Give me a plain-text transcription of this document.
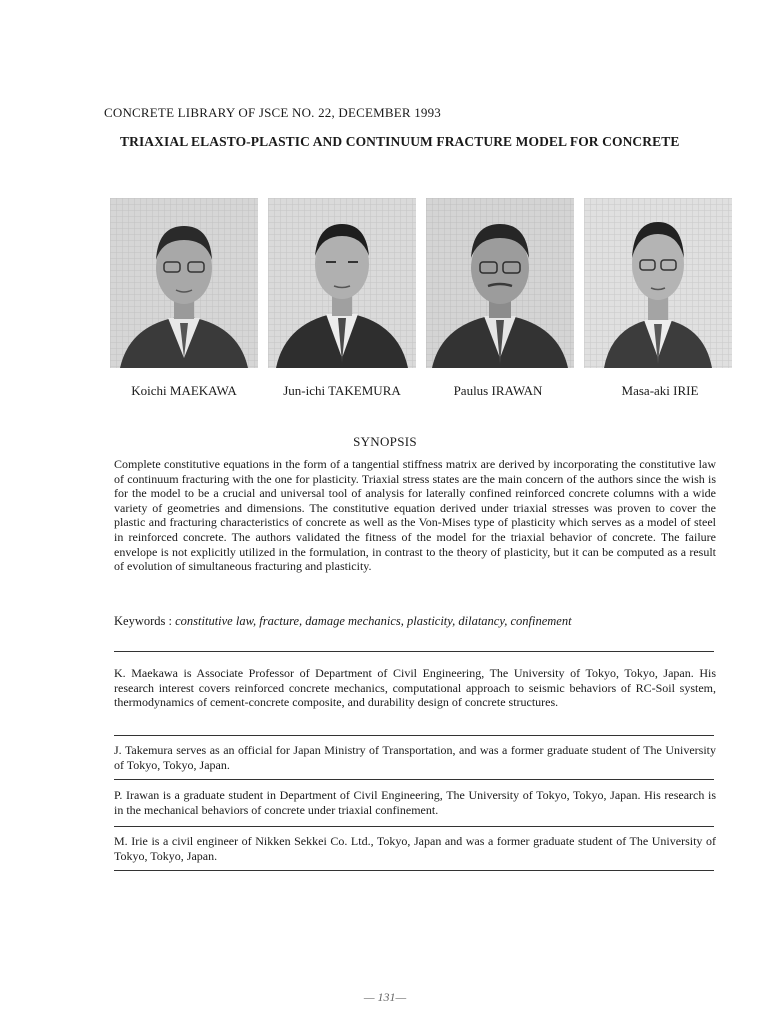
CONCRETE LIBRARY OF JSCE NO. 22, DECEMBER 1993
TRIAXIAL ELASTO-PLASTIC AND CONTINUUM FRACTURE MODEL FOR CONCRETE
Koichi MAEKAWA	Jun-ichi TAKEMURA	Paulus IRAWAN	Masa-aki IRIE
SYNOPSIS
Complete constitutive equations in the form of a tangential stiffness matrix are derived by incorporating the constitutive law of continuum fracturing with the one for plasticity. Triaxial stress states are the main concern of the authors since the wish is for the model to be a crucial and universal tool of analysis for laterally confined reinforced concrete columns with a wide variety of geometries and dimensions. The constitutive equation derived under triaxial stresses was proven to cover the plastic and fracturing characteristics of concrete as well as the Von-Mises type of plasticity which serves as a model of steel in reinforced concrete. The authors validated the fitness of the model for the triaxial behavior of concrete. The failure envelope is not explicitly utilized in the formulation, in contrast to the theory of plasticity, but it can be computed as a result of evolution of simultaneous fracturing and plasticity.
Keywords : constitutive law, fracture, damage mechanics, plasticity, dilatancy, confinement
K. Maekawa is Associate Professor of Department of Civil Engineering, The University of Tokyo, Tokyo, Japan. His research interest covers reinforced concrete mechanics, computational approach to seismic behaviors of RC-Soil system, thermodynamics of cement-concrete composite, and durability design of concrete structures.
J. Takemura serves as an official for Japan Ministry of Transportation, and was a former graduate student of The University of Tokyo, Tokyo, Japan.
P. Irawan is a graduate student in Department of Civil Engineering, The University of Tokyo, Tokyo, Japan. His research is in the mechanical behaviors of concrete under triaxial confinement.
M. Irie is a civil engineer of Nikken Sekkei Co. Ltd., Tokyo, Japan and was a former graduate student of The University of Tokyo, Tokyo, Japan.
— 131—
